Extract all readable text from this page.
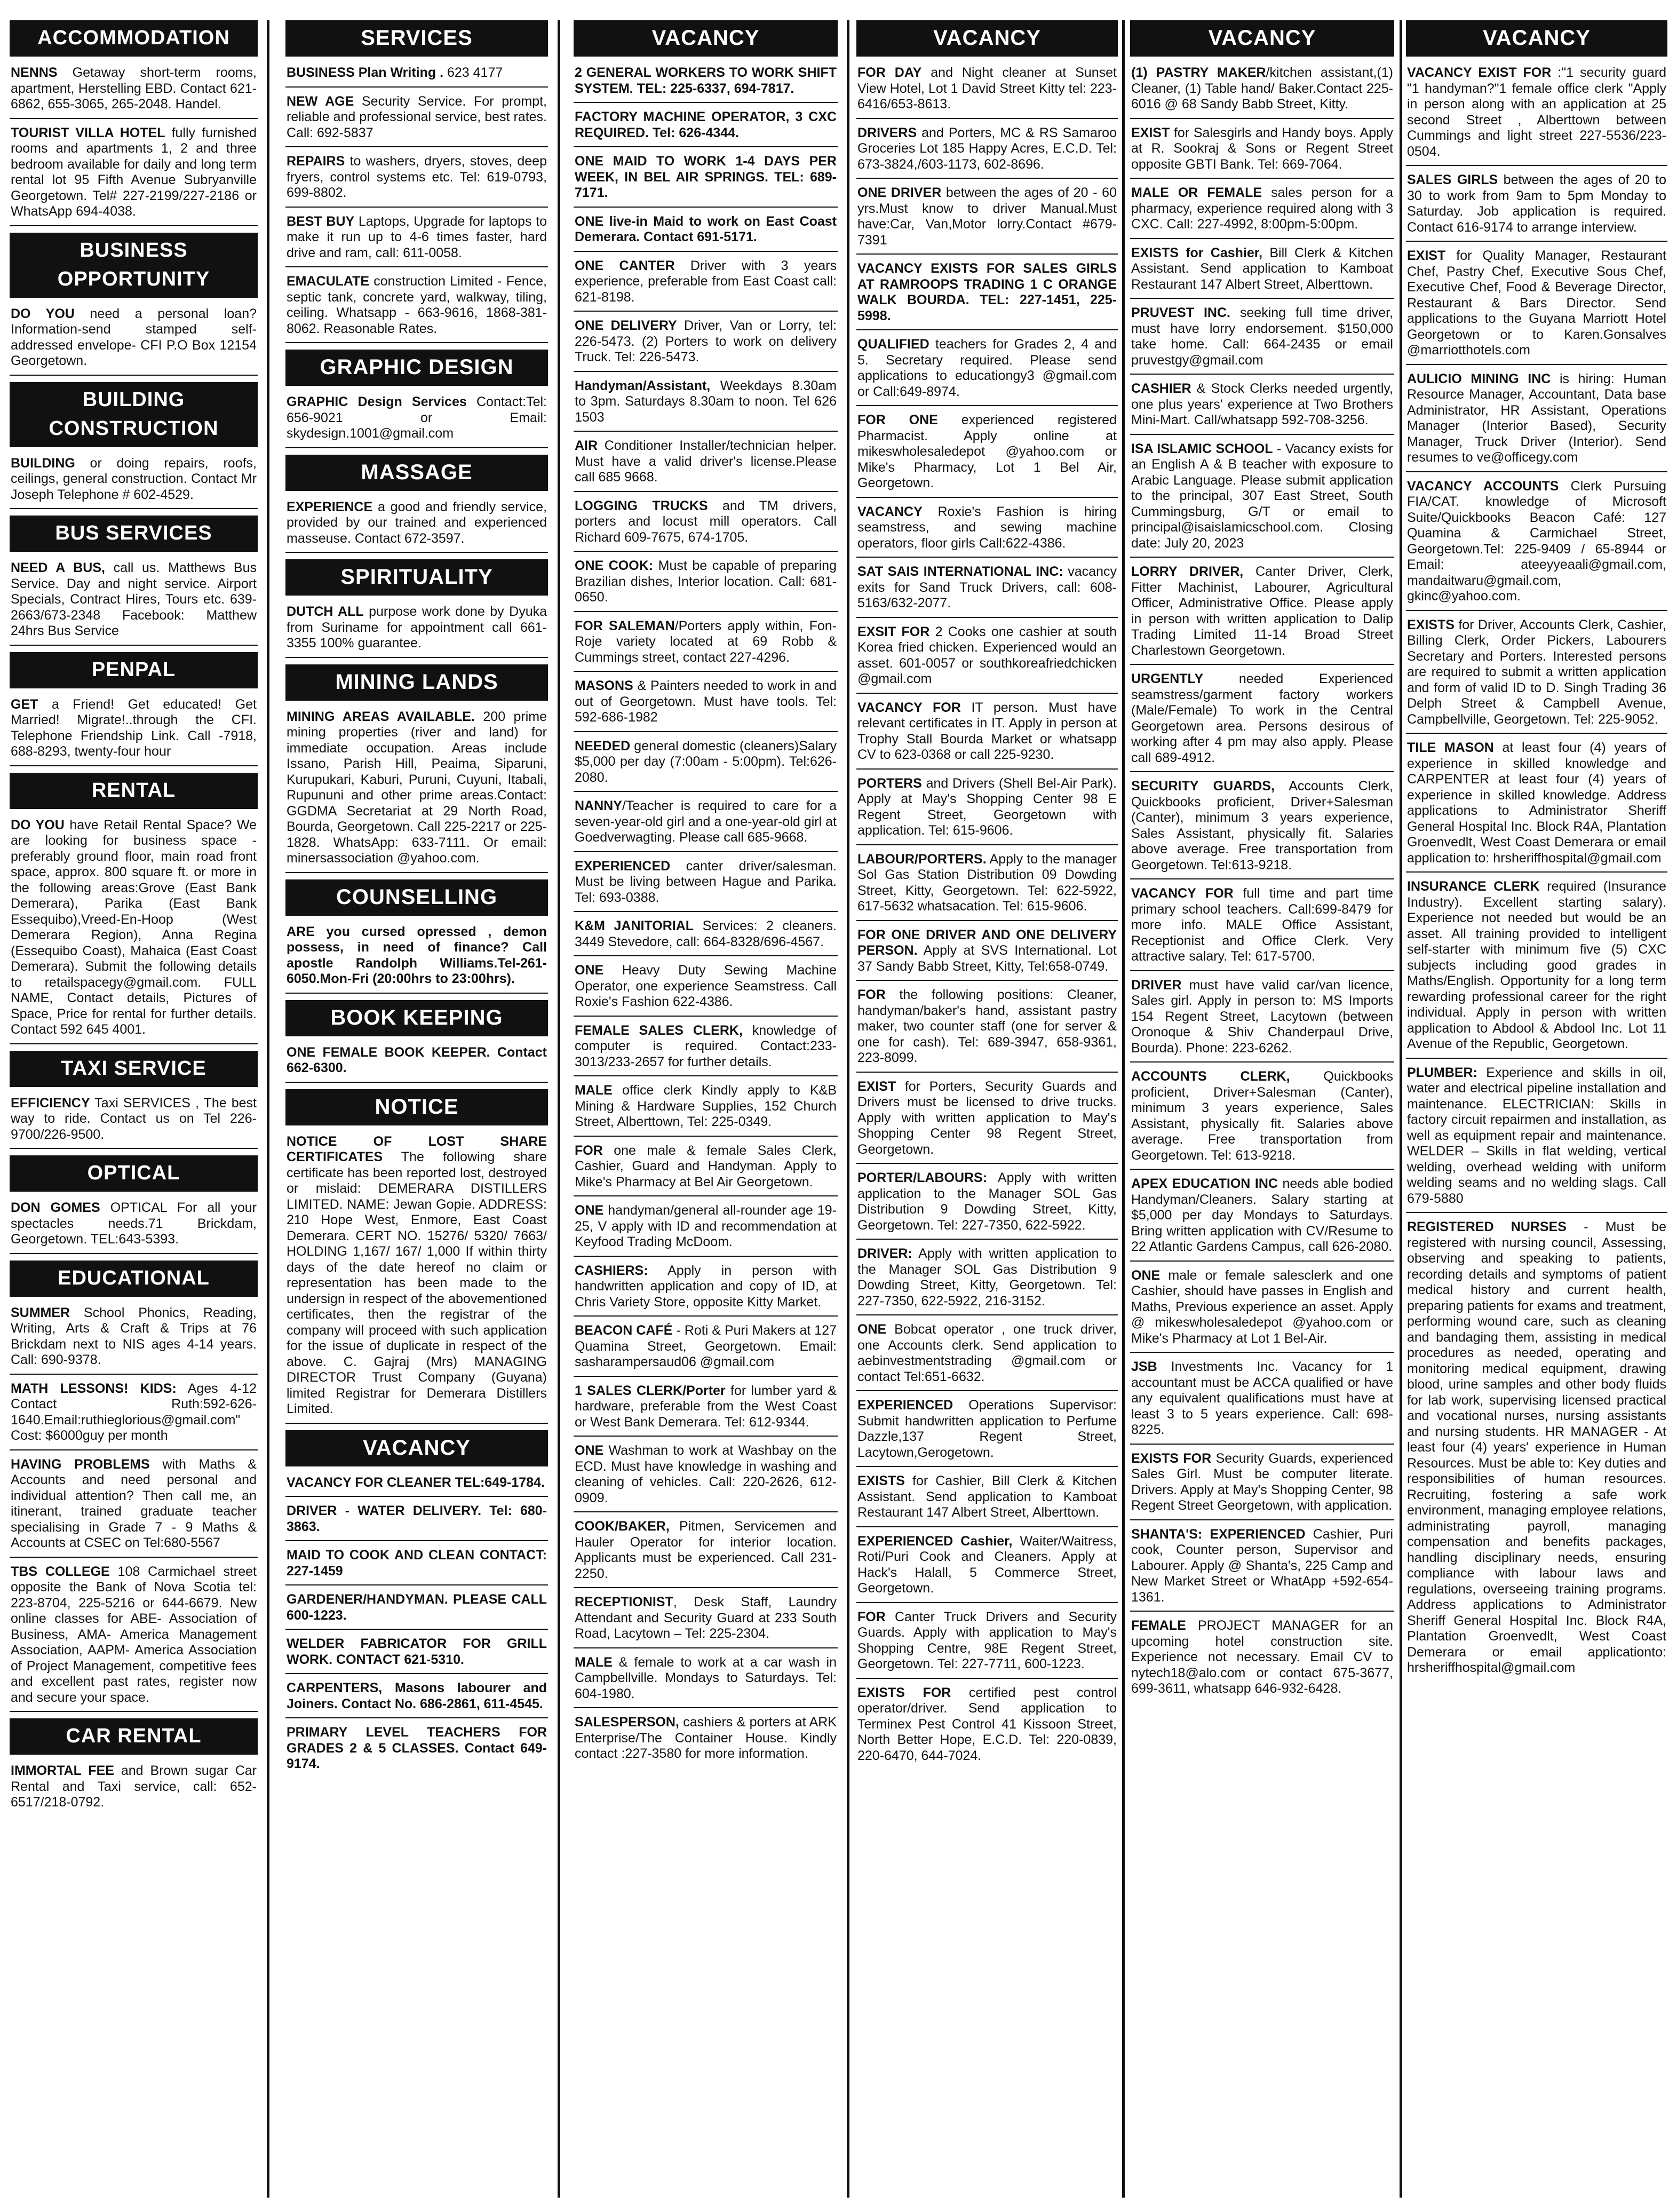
ACCOMMODATION
NENNS Getaway short-term rooms, apartment, Herstelling EBD. Contact 621-6862, 655-3065, 265-2048. Handel.
TOURIST VILLA HOTEL fully furnished rooms and apartments 1, 2 and three bedroom available for daily and long term rental lot 95 Fifth Avenue Subryanville Georgetown. Tel# 227-2199/227-2186 or WhatsApp 694-4038.
BUSINESS OPPORTUNITY
DO YOU need a personal loan? Information-send stamped self-addressed envelope- CFI P.O Box 12154 Georgetown.
BUILDING CONSTRUCTION
BUILDING or doing repairs, roofs, ceilings, general construction. Contact Mr Joseph Telephone # 602-4529.
BUS SERVICES
NEED A BUS, call us. Matthews Bus Service. Day and night service. Airport Specials, Contract Hires, Tours etc. 639-2663/673-2348 Facebook: Matthew 24hrs Bus Service
PENPAL
GET a Friend! Get educated! Get Married! Migrate!..through the CFI. Telephone Friendship Link. Call -7918, 688-8293, twenty-four hour
RENTAL
DO YOU have Retail Rental Space? We are looking for business space - preferably ground floor, main road front space, approx. 800 square ft. or more in the following areas:Grove (East Bank Demerara), Parika (East Bank Essequibo),Vreed-En-Hoop (West Demerara Region), Anna Regina (Essequibo Coast), Mahaica (East Coast Demerara). Submit the following details to retailspacegy@gmail.com. FULL NAME, Contact details, Pictures of Space, Price for rental for further details. Contact 592 645 4001.
TAXI SERVICE
EFFICIENCY Taxi SERVICES , The best way to ride. Contact us on Tel 226-9700/226-9500.
OPTICAL
DON GOMES OPTICAL For all your spectacles needs.71 Brickdam, Georgetown. TEL:643-5393.
EDUCATIONAL
SUMMER School Phonics, Reading, Writing, Arts & Craft & Trips at 76 Brickdam next to NIS ages 4-14 years. Call: 690-9378.
MATH LESSONS! KIDS: Ages 4-12 Contact Ruth:592-626-1640.Email:ruthieglorious@gmail.com" Cost: $6000guy per month
HAVING PROBLEMS with Maths & Accounts and need personal and individual attention? Then call me, an itinerant, trained graduate teacher specialising in Grade 7 - 9 Maths & Accounts at CSEC on Tel:680-5567
TBS COLLEGE 108 Carmichael street opposite the Bank of Nova Scotia tel: 223-8704, 225-5216 or 644-6679. New online classes for ABE- Association of Business, AMA- America Management Association, AAPM- America Association of Project Management, competitive fees and excellent past rates, register now and secure your space.
CAR RENTAL
IMMORTAL FEE and Brown sugar Car Rental and Taxi service, call: 652-6517/218-0792.
SERVICES
BUSINESS Plan Writing . 623 4177
NEW AGE Security Service. For prompt, reliable and professional service, best rates. Call: 692-5837
REPAIRS to washers, dryers, stoves, deep fryers, control systems etc. Tel: 619-0793, 699-8802.
BEST BUY Laptops, Upgrade for laptops to make it run up to 4-6 times faster, hard drive and ram, call: 611-0058.
EMACULATE construction Limited - Fence, septic tank, concrete yard, walkway, tiling, ceiling. Whatsapp - 663-9616, 1868-381-8062. Reasonable Rates.
GRAPHIC DESIGN
GRAPHIC Design Services Contact:Tel: 656-9021 or Email: skydesign.1001@gmail.com
MASSAGE
EXPERIENCE a good and friendly service, provided by our trained and experienced masseuse. Contact 672-3597.
SPIRITUALITY
DUTCH ALL purpose work done by Dyuka from Suriname for appointment call 661-3355 100% guarantee.
MINING LANDS
MINING AREAS AVAILABLE. 200 prime mining properties (river and land) for immediate occupation. Areas include Issano, Parish Hill, Peaima, Siparuni, Kurupukari, Kaburi, Puruni, Cuyuni, Itabali, Rupununi and other prime areas.Contact: GGDMA Secretariat at 29 North Road, Bourda, Georgetown. Call 225-2217 or 225-1828. WhatsApp: 633-7111. Or email: minersassociation @yahoo.com.
COUNSELLING
ARE you cursed opressed , demon possess, in need of finance? Call apostle Randolph Williams.Tel-261-6050.Mon-Fri (20:00hrs to 23:00hrs).
BOOK KEEPING
ONE FEMALE BOOK KEEPER. Contact 662-6300.
NOTICE
NOTICE OF LOST SHARE CERTIFICATES The following share certificate has been reported lost, destroyed or mislaid: DEMERARA DISTILLERS LIMITED. NAME: Jewan Gopie. ADDRESS: 210 Hope West, Enmore, East Coast Demerara. CERT NO. 15276/ 5320/ 7663/ HOLDING 1,167/ 167/ 1,000 If within thirty days of the date hereof no claim or representation has been made to the undersign in respect of the abovementioned certificates, then the registrar of the company will proceed with such application for the issue of duplicate in respect of the above. C. Gajraj (Mrs) MANAGING DIRECTOR Trust Company (Guyana) limited Registrar for Demerara Distillers Limited.
VACANCY
VACANCY FOR CLEANER TEL:649-1784.
DRIVER - WATER DELIVERY. Tel: 680-3863.
MAID TO COOK AND CLEAN CONTACT: 227-1459
GARDENER/HANDYMAN. PLEASE CALL 600-1223.
WELDER FABRICATOR FOR GRILL WORK. CONTACT 621-5310.
CARPENTERS, Masons labourer and Joiners. Contact No. 686-2861, 611-4545.
PRIMARY LEVEL TEACHERS FOR GRADES 2 & 5 CLASSES. Contact 649-9174.
VACANCY
2 GENERAL WORKERS TO WORK SHIFT SYSTEM. TEL: 225-6337, 694-7817.
FACTORY MACHINE OPERATOR, 3 CXC REQUIRED. Tel: 626-4344.
ONE MAID TO WORK 1-4 DAYS PER WEEK, IN BEL AIR SPRINGS. TEL: 689-7171.
ONE live-in Maid to work on East Coast Demerara. Contact 691-5171.
ONE CANTER Driver with 3 years experience, preferable from East Coast call: 621-8198.
ONE DELIVERY Driver, Van or Lorry, tel: 226-5473. (2) Porters to work on delivery Truck. Tel: 226-5473.
Handyman/Assistant, Weekdays 8.30am to 3pm. Saturdays 8.30am to noon. Tel 626 1503
AIR Conditioner Installer/technician helper. Must have a valid driver's license.Please call 685 9668.
LOGGING TRUCKS and TM drivers, porters and locust mill operators. Call Richard 609-7675, 674-1705.
ONE COOK: Must be capable of preparing Brazilian dishes, Interior location. Call: 681-0650.
FOR SALEMAN/Porters apply within, Fon-Roje variety located at 69 Robb & Cummings street, contact 227-4296.
MASONS & Painters needed to work in and out of Georgetown. Must have tools. Tel: 592-686-1982
NEEDED general domestic (cleaners)Salary $5,000 per day (7:00am - 5:00pm). Tel:626-2080.
NANNY/Teacher is required to care for a seven-year-old girl and a one-year-old girl at Goedverwagting. Please call 685-9668.
EXPERIENCED canter driver/salesman. Must be living between Hague and Parika. Tel: 693-0388.
K&M JANITORIAL Services: 2 cleaners. 3449 Stevedore, call: 664-8328/696-4567.
ONE Heavy Duty Sewing Machine Operator, one experience Seamstress. Call Roxie's Fashion 622-4386.
FEMALE SALES CLERK, knowledge of computer is required. Contact:233-3013/233-2657 for further details.
MALE office clerk Kindly apply to K&B Mining & Hardware Supplies, 152 Church Street, Alberttown, Tel: 225-0349.
FOR one male & female Sales Clerk, Cashier, Guard and Handyman. Apply to Mike's Pharmacy at Bel Air Georgetown.
ONE handyman/general all-rounder age 19-25, V apply with ID and recommendation at Keyfood Trading McDoom.
CASHIERS: Apply in person with handwritten application and copy of ID, at Chris Variety Store, opposite Kitty Market.
BEACON CAFÉ - Roti & Puri Makers at 127 Quamina Street, Georgetown. Email: sasharampersaud06 @gmail.com
1 SALES CLERK/Porter for lumber yard & hardware, preferable from the West Coast or West Bank Demerara. Tel: 612-9344.
ONE Washman to work at Washbay on the ECD. Must have knowledge in washing and cleaning of vehicles. Call: 220-2626, 612-0909.
COOK/BAKER, Pitmen, Servicemen and Hauler Operator for interior location. Applicants must be experienced. Call 231-2250.
RECEPTIONIST, Desk Staff, Laundry Attendant and Security Guard at 233 South Road, Lacytown – Tel: 225-2304.
MALE & female to work at a car wash in Campbellville. Mondays to Saturdays. Tel: 604-1980.
SALESPERSON, cashiers & porters at ARK Enterprise/The Container House. Kindly contact :227-3580 for more information.
VACANCY
FOR DAY and Night cleaner at Sunset View Hotel, Lot 1 David Street Kitty tel: 223-6416/653-8613.
DRIVERS and Porters, MC & RS Samaroo Groceries Lot 185 Happy Acres, E.C.D. Tel: 673-3824,/603-1173, 602-8696.
ONE DRIVER between the ages of 20 - 60 yrs.Must know to driver Manual.Must have:Car, Van,Motor lorry.Contact #679-7391
VACANCY EXISTS FOR SALES GIRLS AT RAMROOPS TRADING 1 C ORANGE WALK BOURDA. TEL: 227-1451, 225-5998.
QUALIFIED teachers for Grades 2, 4 and 5. Secretary required. Please send applications to educationgy3 @gmail.com or Call:649-8974.
FOR ONE experienced registered Pharmacist. Apply online at mikeswholesaledepot @yahoo.com or Mike's Pharmacy, Lot 1 Bel Air, Georgetown.
VACANCY Roxie's Fashion is hiring seamstress, and sewing machine operators, floor girls Call:622-4386.
SAT SAIS INTERNATIONAL INC: vacancy exits for Sand Truck Drivers, call: 608-5163/632-2077.
EXSIT FOR 2 Cooks one cashier at south Korea fried chicken. Experienced would an asset. 601-0057 or southkoreafriedchicken @gmail.com
VACANCY FOR IT person. Must have relevant certificates in IT. Apply in person at Trophy Stall Bourda Market or whatsapp CV to 623-0368 or call 225-9230.
PORTERS and Drivers (Shell Bel-Air Park). Apply at May's Shopping Center 98 E Regent Street, Georgetown with application. Tel: 615-9606.
LABOUR/PORTERS. Apply to the manager Sol Gas Station Distribution 09 Dowding Street, Kitty, Georgetown. Tel: 622-5922, 617-5632 whatsacation. Tel: 615-9606.
FOR ONE DRIVER AND ONE DELIVERY PERSON. Apply at SVS International. Lot 37 Sandy Babb Street, Kitty, Tel:658-0749.
FOR the following positions: Cleaner, handyman/baker's hand, assistant pastry maker, two counter staff (one for server & one for cash). Tel: 689-3947, 658-9361, 223-8099.
EXIST for Porters, Security Guards and Drivers must be licensed to drive trucks. Apply with written application to May's Shopping Center 98 Regent Street, Georgetown.
PORTER/LABOURS: Apply with written application to the Manager SOL Gas Distribution 9 Dowding Street, Kitty, Georgetown. Tel: 227-7350, 622-5922.
DRIVER: Apply with written application to the Manager SOL Gas Distribution 9 Dowding Street, Kitty, Georgetown. Tel: 227-7350, 622-5922, 216-3152.
ONE Bobcat operator , one truck driver, one Accounts clerk. Send application to aebinvestmentstrading @gmail.com or contact Tel:651-6632.
EXPERIENCED Operations Supervisor: Submit handwritten application to Perfume Dazzle,137 Regent Street, Lacytown,Gerogetown.
EXISTS for Cashier, Bill Clerk & Kitchen Assistant. Send application to Kamboat Restaurant 147 Albert Street, Alberttown.
EXPERIENCED Cashier, Waiter/Waitress, Roti/Puri Cook and Cleaners. Apply at Hack's Halall, 5 Commerce Street, Georgetown.
FOR Canter Truck Drivers and Security Guards. Apply with application to May's Shopping Centre, 98E Regent Street, Georgetown. Tel: 227-7711, 600-1223.
EXISTS FOR certified pest control operator/driver. Send application to Terminex Pest Control 41 Kissoon Street, North Better Hope, E.C.D. Tel: 220-0839, 220-6470, 644-7024.
VACANCY
(1) PASTRY MAKER/kitchen assistant,(1) Cleaner, (1) Table hand/ Baker.Contact 225-6016 @ 68 Sandy Babb Street, Kitty.
EXIST for Salesgirls and Handy boys. Apply at R. Sookraj & Sons or Regent Street opposite GBTI Bank. Tel: 669-7064.
MALE OR FEMALE sales person for a pharmacy, experience required along with 3 CXC. Call: 227-4992, 8:00pm-5:00pm.
EXISTS for Cashier, Bill Clerk & Kitchen Assistant. Send application to Kamboat Restaurant 147 Albert Street, Alberttown.
PRUVEST INC. seeking full time driver, must have lorry endorsement. $150,000 take home. Call: 664-2435 or email pruvestgy@gmail.com
CASHIER & Stock Clerks needed urgently, one plus years' experience at Two Brothers Mini-Mart. Call/whatsapp 592-708-3256.
ISA ISLAMIC SCHOOL - Vacancy exists for an English A & B teacher with exposure to Arabic Language. Please submit application to the principal, 307 East Street, South Cummingsburg, G/T or email to principal@isaislamicschool.com. Closing date: July 20, 2023
LORRY DRIVER, Canter Driver, Clerk, Fitter Machinist, Labourer, Agricultural Officer, Administrative Office. Please apply in person with written application to Dalip Trading Limited 11-14 Broad Street Charlestown Georgetown.
URGENTLY needed Experienced seamstress/garment factory workers (Male/Female) To work in the Central Georgetown area. Persons desirous of working after 4 pm may also apply. Please call 689-4912.
SECURITY GUARDS, Accounts Clerk, Quickbooks proficient, Driver+Salesman (Canter), minimum 3 years experience, Sales Assistant, physically fit. Salaries above average. Free transportation from Georgetown. Tel:613-9218.
VACANCY FOR full time and part time primary school teachers. Call:699-8479 for more info. MALE Office Assistant, Receptionist and Office Clerk. Very attractive salary. Tel: 617-5700.
DRIVER must have valid car/van licence, Sales girl. Apply in person to: MS Imports 154 Regent Street, Lacytown (between Oronoque & Shiv Chanderpaul Drive, Bourda). Phone: 223-6262.
ACCOUNTS CLERK, Quickbooks proficient, Driver+Salesman (Canter), minimum 3 years experience, Sales Assistant, physically fit. Salaries above average. Free transportation from Georgetown. Tel: 613-9218.
APEX EDUCATION INC needs able bodied Handyman/Cleaners. Salary starting at $5,000 per day Mondays to Saturdays. Bring written application with CV/Resume to 22 Atlantic Gardens Campus, call 626-2080.
ONE male or female salesclerk and one Cashier, should have passes in English and Maths, Previous experience an asset. Apply @ mikeswholesaledepot @yahoo.com or Mike's Pharmacy at Lot 1 Bel-Air.
JSB Investments Inc. Vacancy for 1 accountant must be ACCA qualified or have any equivalent qualifications must have at least 3 to 5 years experience. Call: 698-8225.
EXISTS FOR Security Guards, experienced Sales Girl. Must be computer literate. Drivers. Apply at May's Shopping Center, 98 Regent Street Georgetown, with application.
SHANTA'S: EXPERIENCED Cashier, Puri cook, Counter person, Supervisor and Labourer. Apply @ Shanta's, 225 Camp and New Market Street or WhatApp +592-654-1361.
FEMALE PROJECT MANAGER for an upcoming hotel construction site. Experience not necessary. Email CV to nytech18@alo.com or contact 675-3677, 699-3611, whatsapp 646-932-6428.
VACANCY
VACANCY EXIST FOR :"1 security guard "1 handyman?"1 female office clerk "Apply in person along with an application at 25 second Street , Alberttown between Cummings and light street 227-5536/223-0504.
SALES GIRLS between the ages of 20 to 30 to work from 9am to 5pm Monday to Saturday. Job application is required. Contact 616-9174 to arrange interview.
EXIST for Quality Manager, Restaurant Chef, Pastry Chef, Executive Sous Chef, Executive Chef, Food & Beverage Director, Restaurant & Bars Director. Send applications to the Guyana Marriott Hotel Georgetown or to Karen.Gonsalves @marriotthotels.com
AULICIO MINING INC is hiring: Human Resource Manager, Accountant, Data base Administrator, HR Assistant, Operations Manager (Interior Based), Security Manager, Truck Driver (Interior). Send resumes to ve@officegy.com
VACANCY ACCOUNTS Clerk Pursuing FIA/CAT. knowledge of Microsoft Suite/Quickbooks Beacon Café: 127 Quamina & Carmichael Street, Georgetown.Tel: 225-9409 / 65-8944 or Email: ateeyyeaali@gmail.com, mandaitwaru@gmail.com, gkinc@yahoo.com.
EXISTS for Driver, Accounts Clerk, Cashier, Billing Clerk, Order Pickers, Labourers Secretary and Porters. Interested persons are required to submit a written application and form of valid ID to D. Singh Trading 36 Delph Street & Campbell Avenue, Campbellville, Georgetown. Tel: 225-9052.
TILE MASON at least four (4) years of experience in skilled knowledge and CARPENTER at least four (4) years of experience in skilled knowledge. Address applications to Administrator Sheriff General Hospital Inc. Block R4A, Plantation Groenvedlt, West Coast Demerara or email application to: hrsheriffhospital@gmail.com
INSURANCE CLERK required (Insurance Industry). Excellent starting salary). Experience not needed but would be an asset. All training provided to intelligent self-starter with minimum five (5) CXC subjects including good grades in Maths/English. Opportunity for a long term rewarding professional career for the right individual. Apply in person with written application to Abdool & Abdool Inc. Lot 11 Avenue of the Republic, Georgetown.
PLUMBER: Experience and skills in oil, water and electrical pipeline installation and maintenance. ELECTRICIAN: Skills in factory circuit repairmen and installation, as well as equipment repair and maintenance. WELDER – Skills in flat welding, vertical welding, overhead welding with uniform welding seams and no welding slags. Call 679-5880
REGISTERED NURSES - Must be registered with nursing council, Assessing, observing and speaking to patients, recording details and symptoms of patient medical history and current health, preparing patients for exams and treatment, performing wound care, such as cleaning and bandaging them, assisting in medical procedures as needed, operating and monitoring medical equipment, drawing blood, urine samples and other body fluids for lab work, supervising licensed practical and vocational nurses, nursing assistants and nursing students. HR MANAGER - At least four (4) years' experience in Human Resources. Must be able to: Key duties and responsibilities of human resources. Recruiting, fostering a safe work environment, managing employee relations, administrating payroll, managing compensation and benefits packages, handling disciplinary needs, ensuring compliance with labour laws and regulations, overseeing training programs. Address applications to Administrator Sheriff General Hospital Inc. Block R4A, Plantation Groenvedlt, West Coast Demerara or email applicationto: hrsheriffhospital@gmail.com
